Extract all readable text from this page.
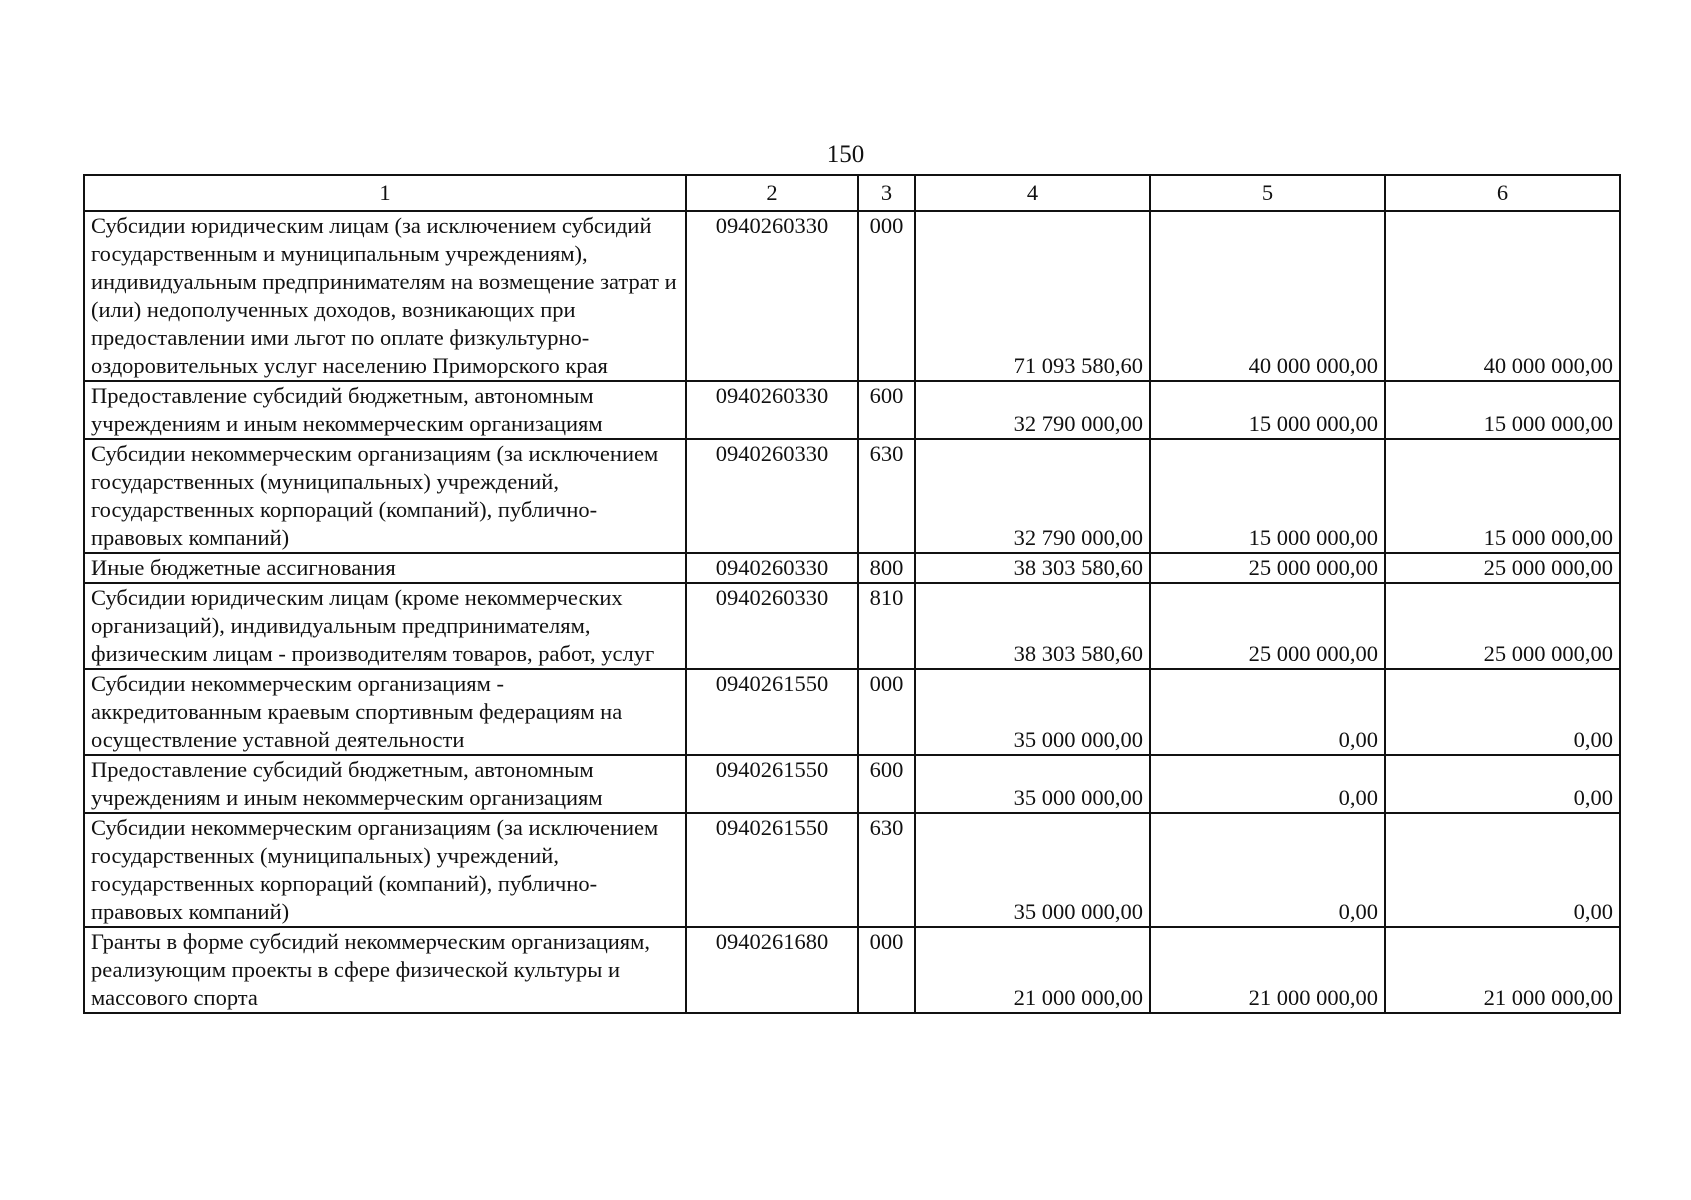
150
1	2	3	4	5	6
Субсидии юридическим лицам (за исключением субсидий государственным и муниципальным учреждениям), индивидуальным предпринимателям на возмещение затрат и (или) недополученных доходов, возникающих при предоставлении ими льгот по оплате физкультурно-оздоровительных услуг населению Приморского края	0940260330	000	71 093 580,60	40 000 000,00	40 000 000,00
Предоставление субсидий бюджетным, автономным учреждениям и иным некоммерческим организациям	0940260330	600	32 790 000,00	15 000 000,00	15 000 000,00
Субсидии некоммерческим организациям (за исключением государственных (муниципальных) учреждений, государственных корпораций (компаний), публично-правовых компаний)	0940260330	630	32 790 000,00	15 000 000,00	15 000 000,00
Иные бюджетные ассигнования	0940260330	800	38 303 580,60	25 000 000,00	25 000 000,00
Субсидии юридическим лицам (кроме некоммерческих организаций), индивидуальным предпринимателям, физическим лицам - производителям товаров, работ, услуг	0940260330	810	38 303 580,60	25 000 000,00	25 000 000,00
Субсидии некоммерческим организациям - аккредитованным краевым спортивным федерациям на осуществление уставной деятельности	0940261550	000	35 000 000,00	0,00	0,00
Предоставление субсидий бюджетным, автономным учреждениям и иным некоммерческим организациям	0940261550	600	35 000 000,00	0,00	0,00
Субсидии некоммерческим организациям (за исключением государственных (муниципальных) учреждений, государственных корпораций (компаний), публично-правовых компаний)	0940261550	630	35 000 000,00	0,00	0,00
Гранты в форме субсидий некоммерческим организациям, реализующим проекты в сфере физической культуры и массового спорта	0940261680	000	21 000 000,00	21 000 000,00	21 000 000,00
